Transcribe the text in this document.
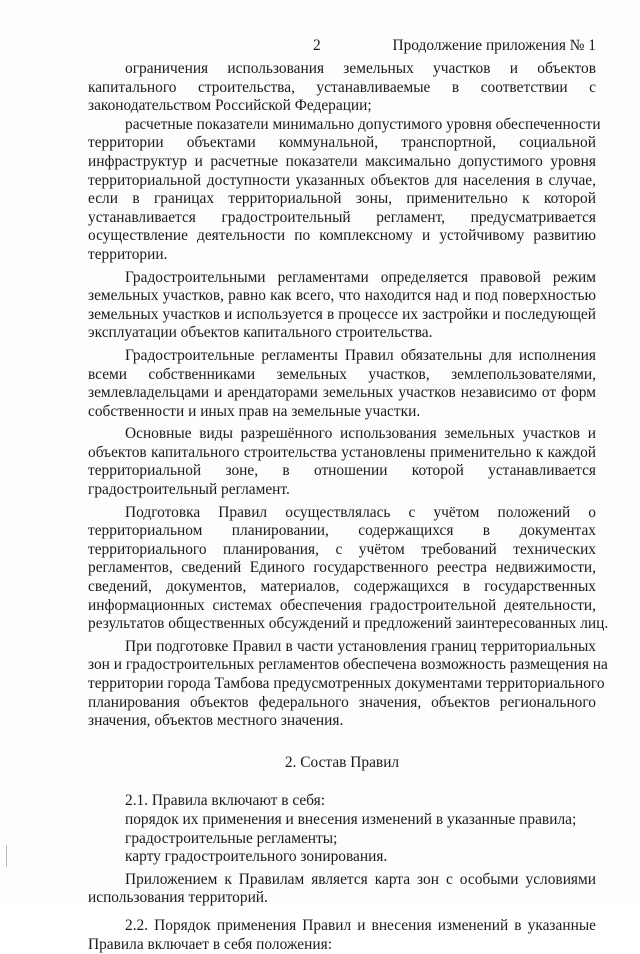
2	Продолжение приложения № 1
ограничения использования земельных участков и объектов
капитального строительства, устанавливаемые в соответствии с
законодательством Российской Федерации;
расчетные показатели минимально допустимого уровня обеспеченности
территории объектами коммунальной, транспортной, социальной
инфраструктур и расчетные показатели максимально допустимого уровня
территориальной доступности указанных объектов для населения в случае,
если в границах территориальной зоны, применительно к которой
устанавливается градостроительный регламент, предусматривается
осуществление деятельности по комплексному и устойчивому развитию
территории.
Градостроительными регламентами определяется правовой режим
земельных участков, равно как всего, что находится над и под поверхностью
земельных участков и используется в процессе их застройки и последующей
эксплуатации объектов капитального строительства.
Градостроительные регламенты Правил обязательны для исполнения
всеми собственниками земельных участков, землепользователями,
землевладельцами и арендаторами земельных участков независимо от форм
собственности и иных прав на земельные участки.
Основные виды разрешённого использования земельных участков и
объектов капитального строительства установлены применительно к каждой
территориальной зоне, в отношении которой устанавливается
градостроительный регламент.
Подготовка Правил осуществлялась с учётом положений о
территориальном планировании, содержащихся в документах
территориального планирования, с учётом требований технических
регламентов, сведений Единого государственного реестра недвижимости,
сведений, документов, материалов, содержащихся в государственных
информационных системах обеспечения градостроительной деятельности,
результатов общественных обсуждений и предложений заинтересованных лиц.
При подготовке Правил в части установления границ территориальных
зон и градостроительных регламентов обеспечена возможность размещения на
территории города Тамбова предусмотренных документами территориального
планирования объектов федерального значения, объектов регионального
значения, объектов местного значения.
2. Состав Правил
2.1. Правила включают в себя:
порядок их применения и внесения изменений в указанные правила;
градостроительные регламенты;
карту градостроительного зонирования.
Приложением к Правилам является карта зон с особыми условиями
использования территорий.
2.2. Порядок применения Правил и внесения изменений в указанные
Правила включает в себя положения:
